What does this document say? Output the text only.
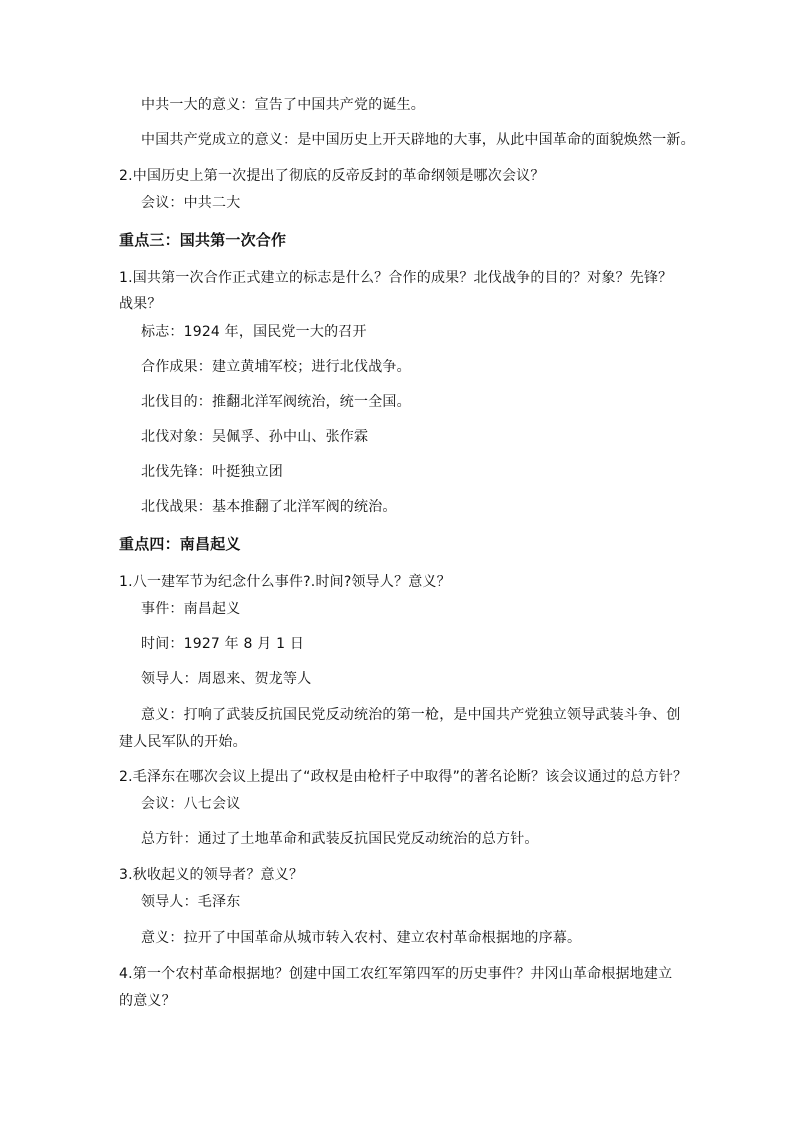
中共一大的意义：宣告了中国共产党的诞生。
中国共产党成立的意义：是中国历史上开天辟地的大事，从此中国革命的面貌焕然一新。
2.中国历史上第一次提出了彻底的反帝反封的革命纲领是哪次会议？
会议：中共二大
重点三：国共第一次合作
1.国共第一次合作正式建立的标志是什么？合作的成果？北伐战争的目的？对象？先锋？
战果？
标志：1924 年，国民党一大的召开
合作成果：建立黄埔军校；进行北伐战争。
北伐目的：推翻北洋军阀统治，统一全国。
北伐对象：吴佩孚、孙中山、张作霖
北伐先锋：叶挺独立团
北伐战果：基本推翻了北洋军阀的统治。
重点四：南昌起义
1.八一建军节为纪念什么事件?.时间?领导人？意义？
事件：南昌起义
时间：1927 年 8 月 1 日
领导人：周恩来、贺龙等人
意义：打响了武装反抗国民党反动统治的第一枪，是中国共产党独立领导武装斗争、创
建人民军队的开始。
2.毛泽东在哪次会议上提出了“政权是由枪杆子中取得”的著名论断？该会议通过的总方针？
会议：八七会议
总方针：通过了土地革命和武装反抗国民党反动统治的总方针。
3.秋收起义的领导者？意义？
领导人：毛泽东
意义：拉开了中国革命从城市转入农村、建立农村革命根据地的序幕。
4.第一个农村革命根据地？创建中国工农红军第四军的历史事件？井冈山革命根据地建立
的意义？
